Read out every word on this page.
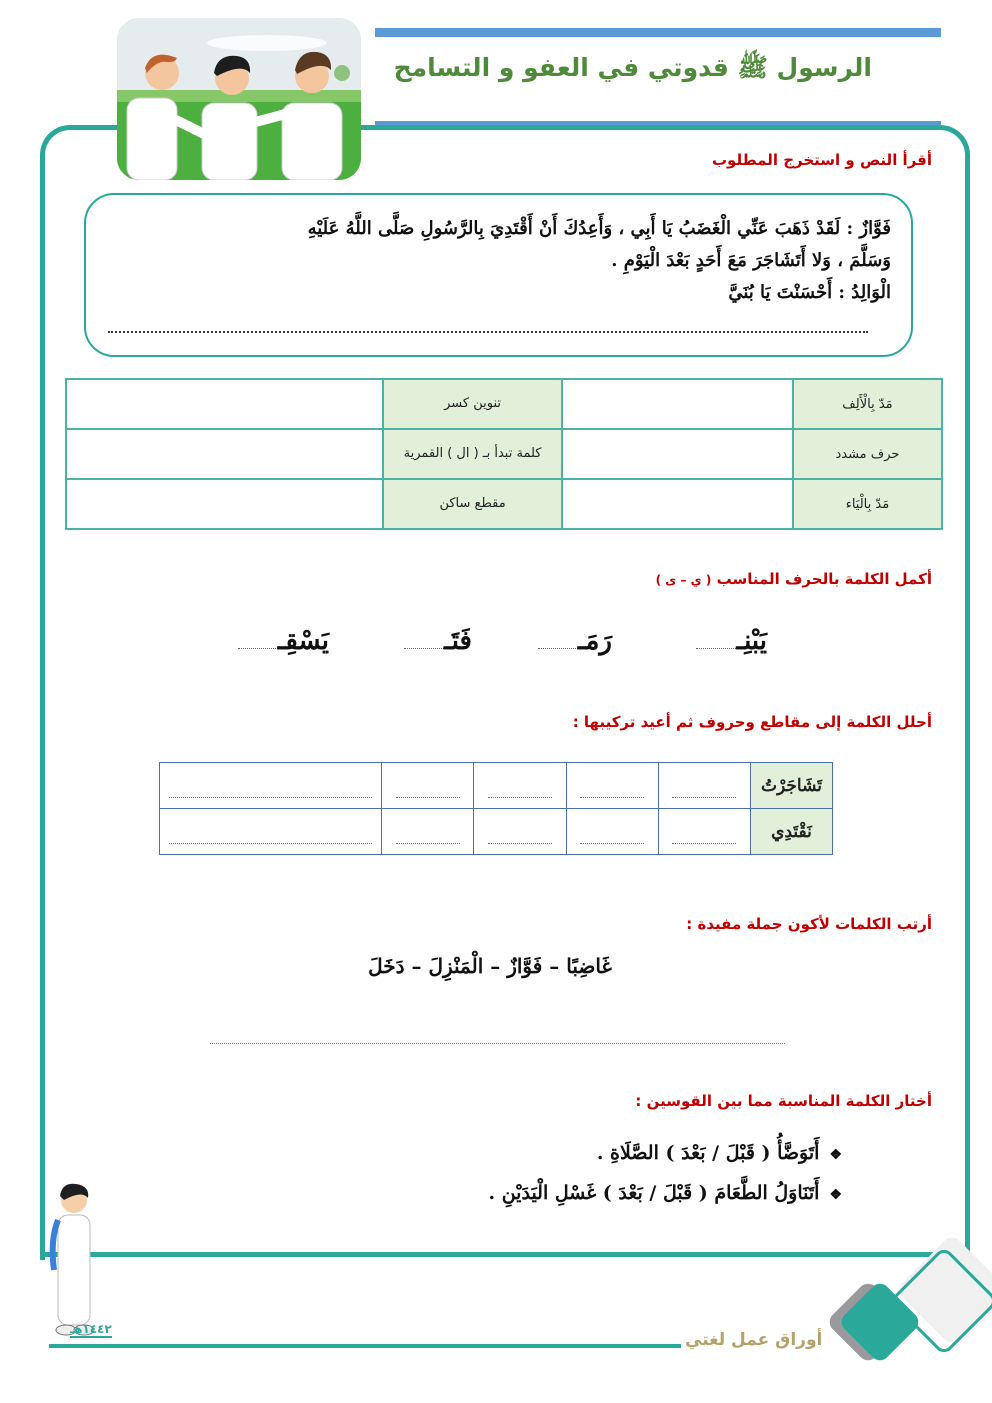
الرسول ﷺ قدوتي في العفو و التسامح
أقرأ النص و استخرج المطلوب

فَوَّازٌ : لَقَدْ ذَهَبَ عَنِّي الْغَضَبُ يَا أَبِي ، وَأَعِدُكَ أَنْ أَقْتَدِيَ بِالرَّسُولِ صَلَّى اللَّهُ عَلَيْهِ

وَسَلَّمَ ، وَلا أَتَشَاجَرَ مَعَ أَحَدٍ بَعْدَ الْيَوْمِ .

الْوَالِدُ : أَحْسَنْتَ يَا بُنَيَّ

مَدّ بِالْأَلِف		تنوين كسر	
حرف مشدد		كلمة تبدأ بـ ( ال ) القمرية	
مَدّ بِالْيَاء		مقطع ساكن	
أكمل الكلمة بالحرف المناسب ( ي – ى )
يَبْنِـ
رَمَـ
فَتَـ
يَسْقِـ
أحلل الكلمة إلى مقاطع وحروف ثم أعيد تركيبها :
تَشَاجَرْتُ					
نَقْتَدِي					
أرتب الكلمات لأكون جملة مفيدة :
غَاضِبًا – فَوَّازٌ – الْمَنْزِلَ – دَخَلَ
أختار الكلمة المناسبة مما بين القوسين :
❖أَتَوَضَّأُ ( قَبْلَ / بَعْدَ ) الصَّلَاةِ .
❖أَتَنَاوَلُ الطَّعَامَ ( قَبْلَ / بَعْدَ ) غَسْلِ الْيَدَيْنِ .
١٤٤٢هـ
أوراق عمل لغتي
